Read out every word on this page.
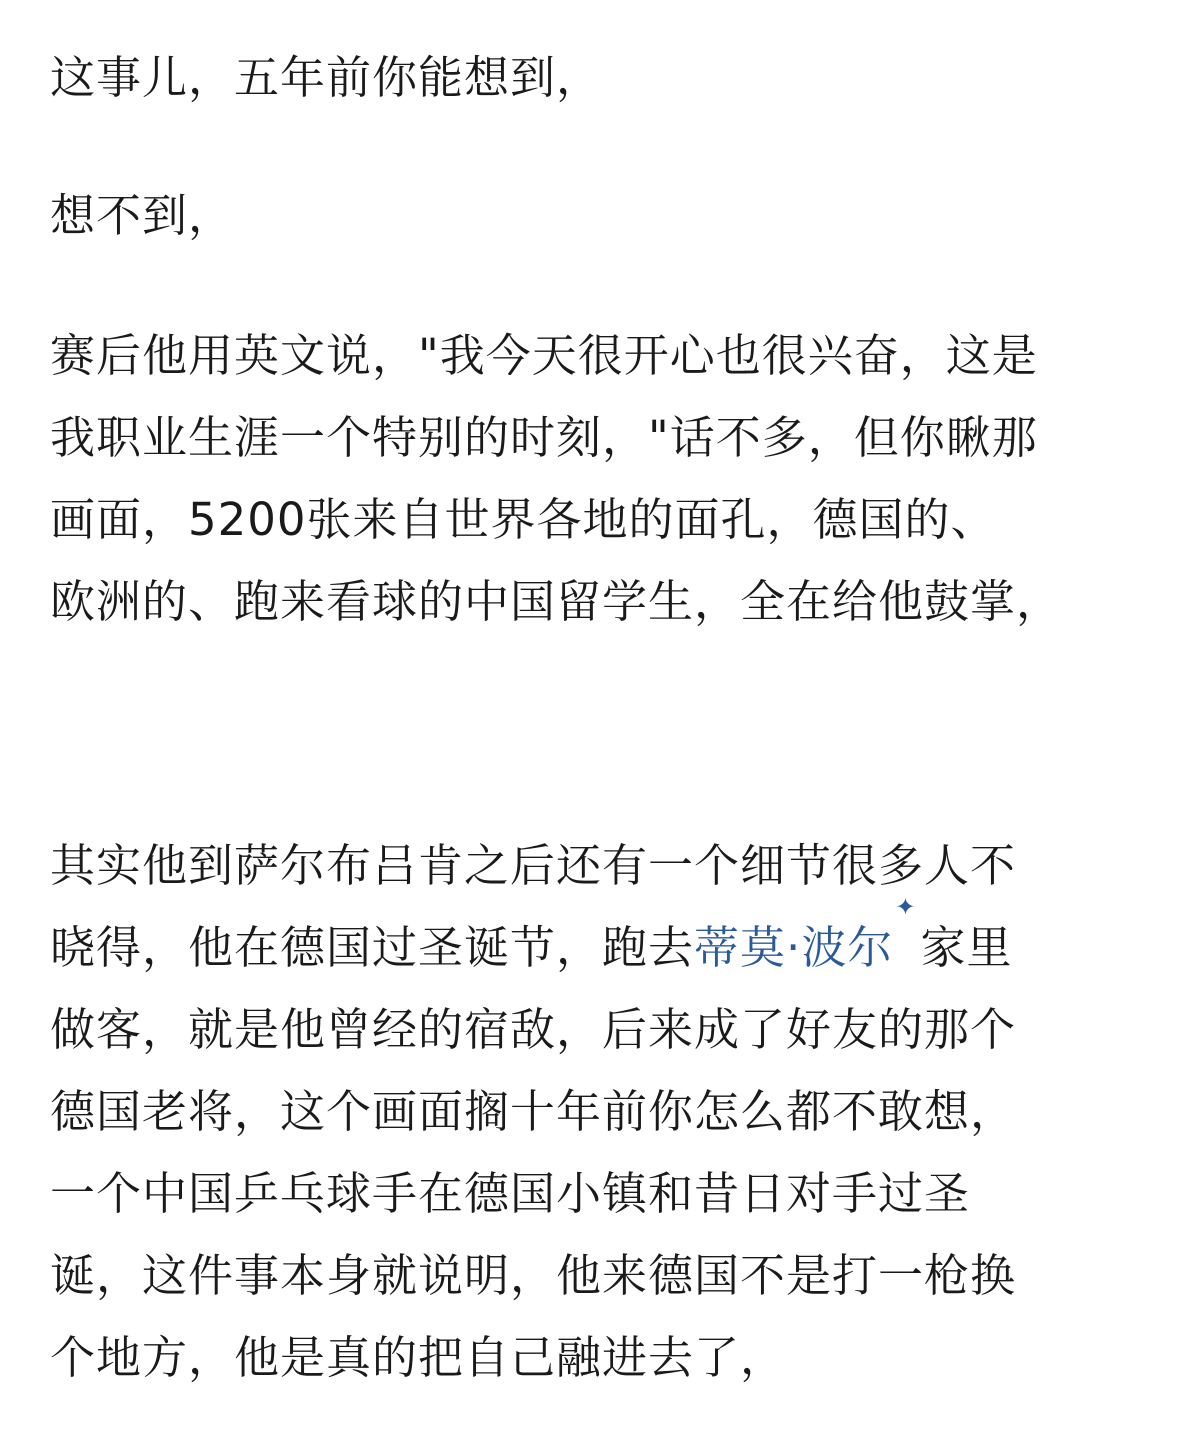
这事儿，五年前你能想到，

想不到，

赛后他用英文说，"我今天很开心也很兴奋，这是
我职业生涯一个特别的时刻，"话不多，但你瞅那
画面，5200张来自世界各地的面孔，德国的、
欧洲的、跑来看球的中国留学生，全在给他鼓掌，

其实他到萨尔布吕肯之后还有一个细节很多人不
晓得，他在德国过圣诞节，跑去蒂莫·波尔✦家里
做客，就是他曾经的宿敌，后来成了好友的那个
德国老将，这个画面搁十年前你怎么都不敢想，
一个中国乒乓球手在德国小镇和昔日对手过圣
诞，这件事本身就说明，他来德国不是打一枪换
个地方，他是真的把自己融进去了，
